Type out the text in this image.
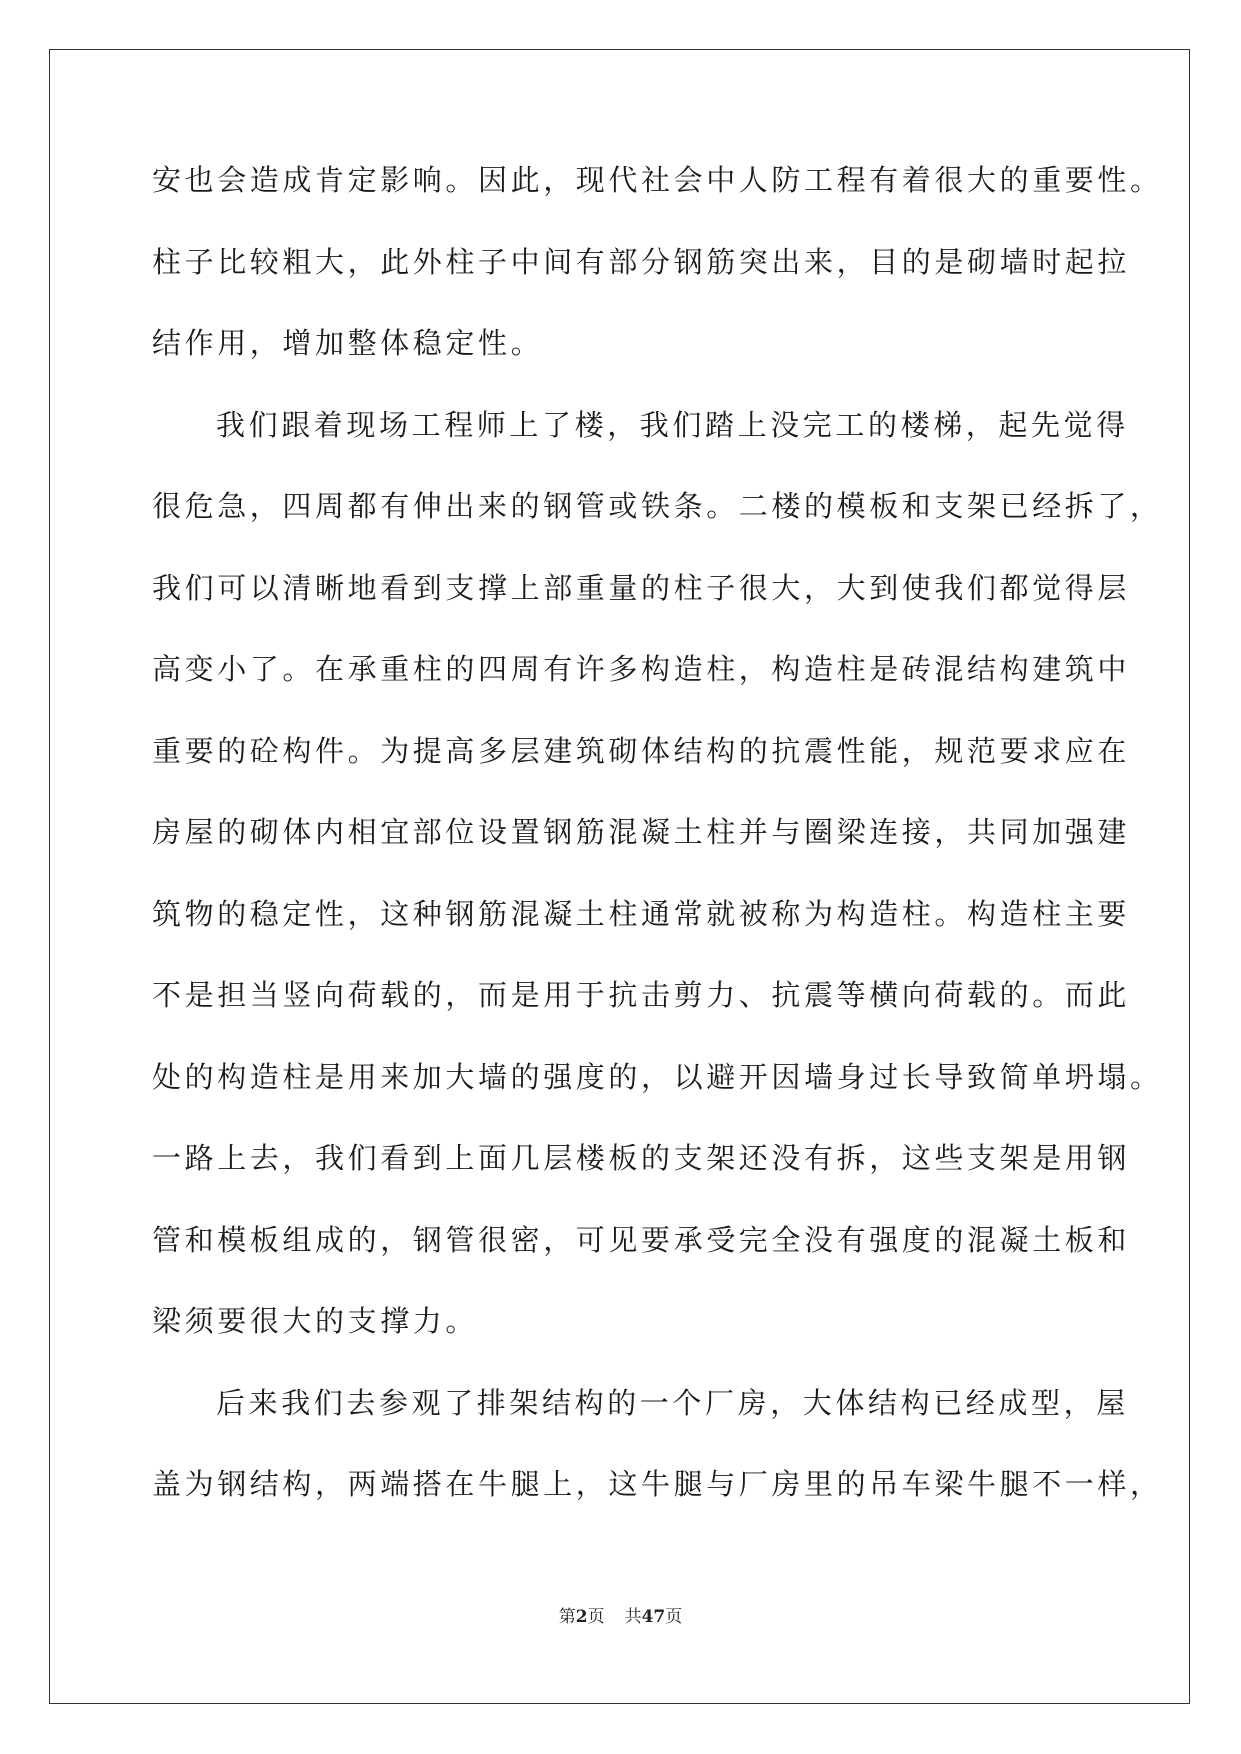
安也会造成肯定影响。因此，现代社会中人防工程有着很大的重要性。
柱子比较粗大，此外柱子中间有部分钢筋突出来，目的是砌墙时起拉
结作用，增加整体稳定性。
我们跟着现场工程师上了楼，我们踏上没完工的楼梯，起先觉得
很危急，四周都有伸出来的钢管或铁条。二楼的模板和支架已经拆了，
我们可以清晰地看到支撑上部重量的柱子很大，大到使我们都觉得层
高变小了。在承重柱的四周有许多构造柱，构造柱是砖混结构建筑中
重要的砼构件。为提高多层建筑砌体结构的抗震性能，规范要求应在
房屋的砌体内相宜部位设置钢筋混凝土柱并与圈梁连接，共同加强建
筑物的稳定性，这种钢筋混凝土柱通常就被称为构造柱。构造柱主要
不是担当竖向荷载的，而是用于抗击剪力、抗震等横向荷载的。而此
处的构造柱是用来加大墙的强度的，以避开因墙身过长导致简单坍塌。
一路上去，我们看到上面几层楼板的支架还没有拆，这些支架是用钢
管和模板组成的，钢管很密，可见要承受完全没有强度的混凝土板和
梁须要很大的支撑力。
后来我们去参观了排架结构的一个厂房，大体结构已经成型，屋
盖为钢结构，两端搭在牛腿上，这牛腿与厂房里的吊车梁牛腿不一样，
第2页 共47页
